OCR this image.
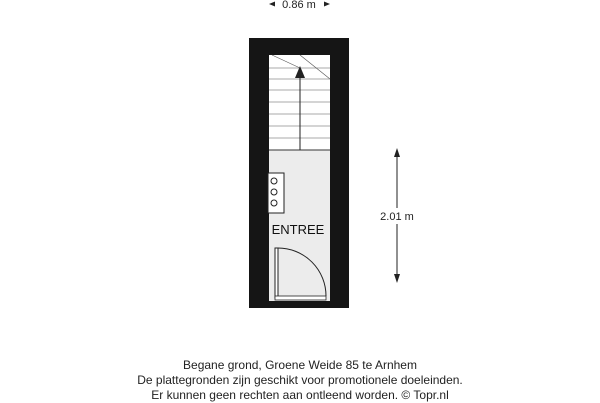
0.86 m
ENTREE
2.01 m
Begane grond, Groene Weide 85 te Arnhem
De plattegronden zijn geschikt voor promotionele doeleinden.
Er kunnen geen rechten aan ontleend worden. © Topr.nl
